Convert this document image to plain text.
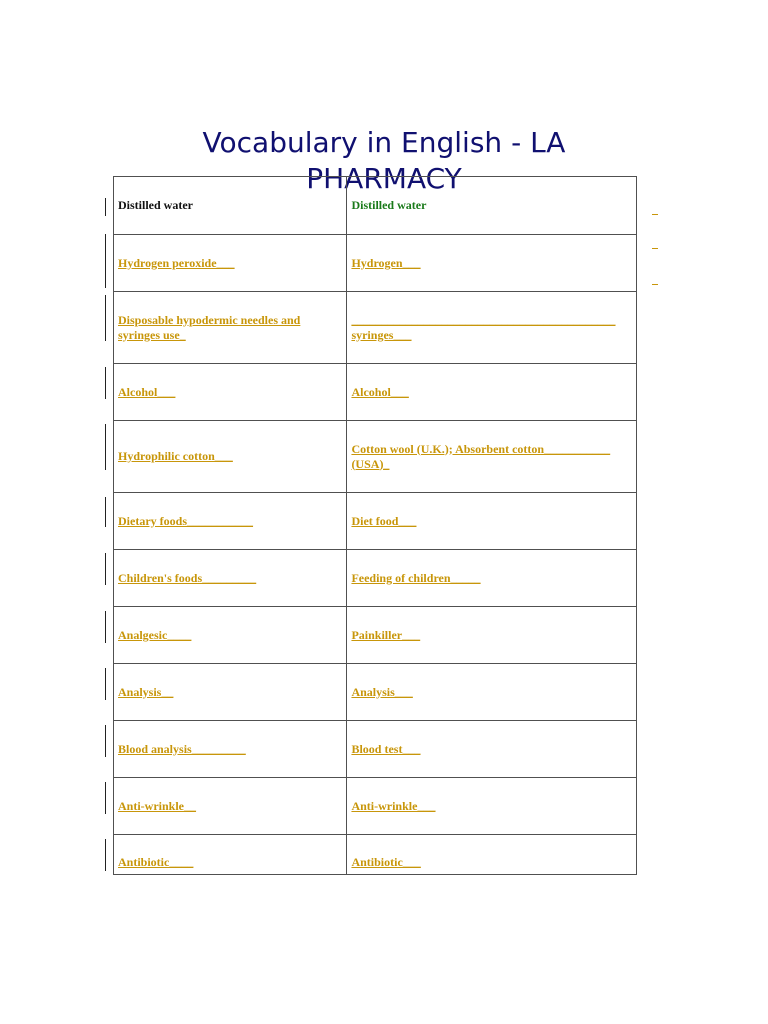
Vocabulary in English - LA
PHARMACY
Distilled water	Distilled water
Hydrogen peroxide___	Hydrogen___
Disposable hypodermic needles and syringes use_	____________________________________________
syringes___
Alcohol___	Alcohol___
Hydrophilic cotton___	Cotton wool (U.K.); Absorbent cotton___________ (USA)_
Dietary foods___________	Diet food___
Children's foods_________	Feeding of children_____
Analgesic____	Painkiller___
Analysis__	Analysis___
Blood analysis_________	Blood test___
Anti-wrinkle__	Anti-wrinkle___
Antibiotic____	Antibiotic___
